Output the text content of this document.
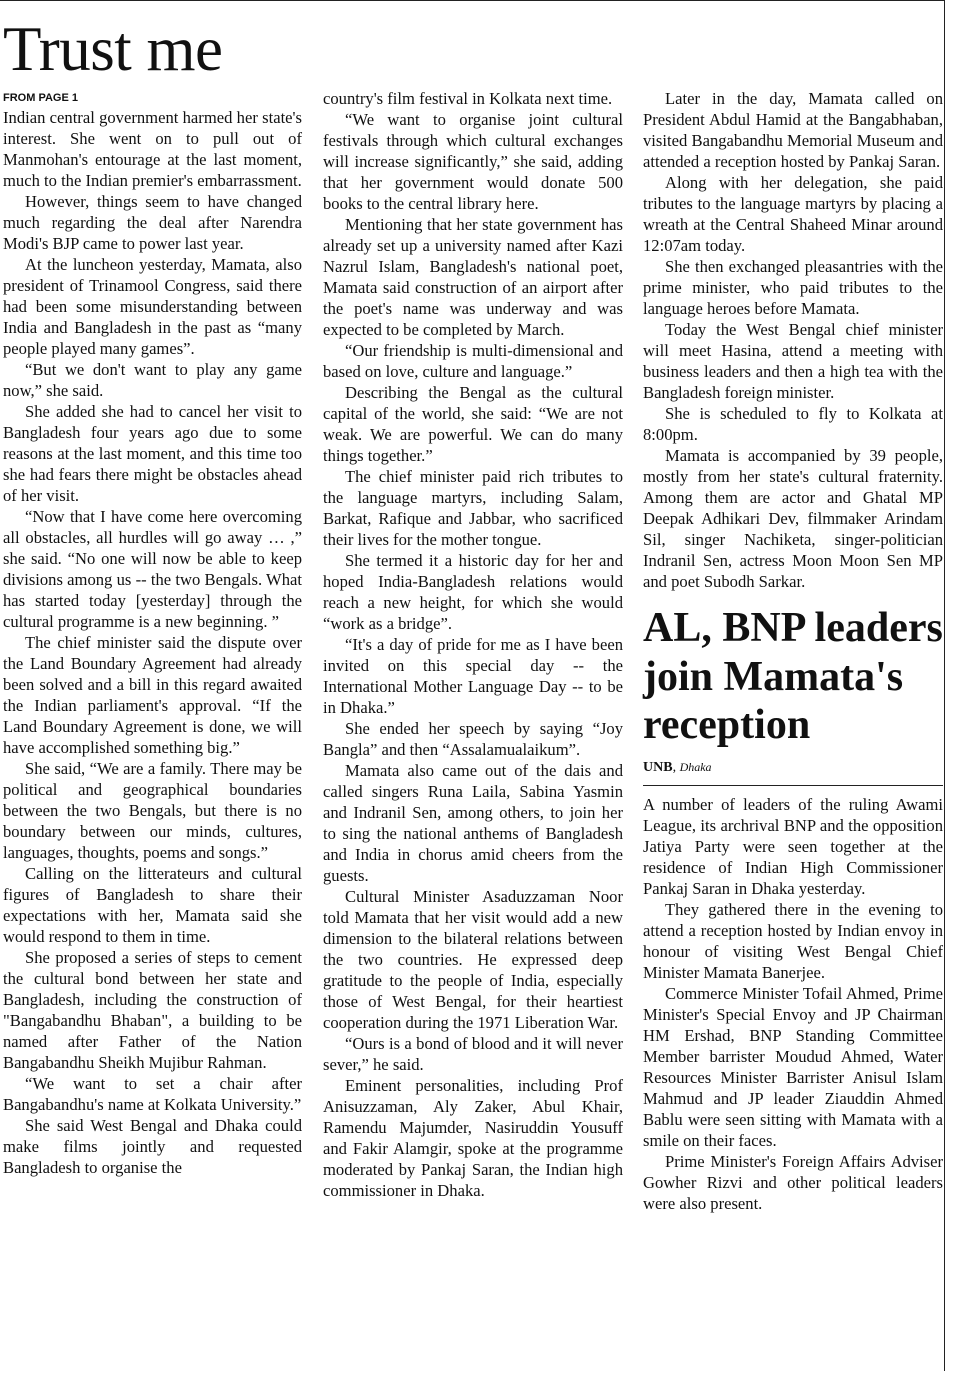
Trust me
FROM PAGE 1

Indian central government harmed her state's interest. She went on to pull out of Manmohan's entourage at the last moment, much to the Indian premier's embarrassment.

However, things seem to have changed much regarding the deal after Narendra Modi's BJP came to power last year.

At the luncheon yesterday, Mamata, also president of Trinamool Congress, said there had been some misunderstanding between India and Bangladesh in the past as “many people played many games”.

“But we don't want to play any game now,” she said.

She added she had to cancel her visit to Bangladesh four years ago due to some reasons at the last moment, and this time too she had fears there might be obstacles ahead of her visit.

“Now that I have come here overcoming all obstacles, all hurdles will go away … ,” she said. “No one will now be able to keep divisions among us -- the two Bengals. What has started today [yesterday] through the cultural programme is a new beginning. ”

The chief minister said the dispute over the Land Boundary Agreement had already been solved and a bill in this regard awaited the Indian parliament's approval. “If the Land Boundary Agreement is done, we will have accomplished something big.”

She said, “We are a family. There may be political and geographical boundaries between the two Bengals, but there is no boundary between our minds, cultures, languages, thoughts, poems and songs.”

Calling on the litterateurs and cultural figures of Bangladesh to share their expectations with her, Mamata said she would respond to them in time.

She proposed a series of steps to cement the cultural bond between her state and Bangladesh, including the construction of "Bangabandhu Bhaban", a building to be named after Father of the Nation Bangabandhu Sheikh Mujibur Rahman.

“We want to set a chair after Bangabandhu's name at Kolkata University.”

She said West Bengal and Dhaka could make films jointly and requested Bangladesh to organise the

country's film festival in Kolkata next time.

“We want to organise joint cultural festivals through which cultural exchanges will increase significantly,” she said, adding that her government would donate 500 books to the central library here.

Mentioning that her state government has already set up a university named after Kazi Nazrul Islam, Bangladesh's national poet, Mamata said construction of an airport after the poet's name was underway and was expected to be completed by March.

“Our friendship is multi-dimensional and based on love, culture and language.”

Describing the Bengal as the cultural capital of the world, she said: “We are not weak. We are powerful. We can do many things together.”

The chief minister paid rich tributes to the language martyrs, including Salam, Barkat, Rafique and Jabbar, who sacrificed their lives for the mother tongue.

She termed it a historic day for her and hoped India-Bangladesh relations would reach a new height, for which she would “work as a bridge”.

“It's a day of pride for me as I have been invited on this special day -- the International Mother Language Day -- to be in Dhaka.”

She ended her speech by saying “Joy Bangla” and then “Assalamualaikum”.

Mamata also came out of the dais and called singers Runa Laila, Sabina Yasmin and Indranil Sen, among others, to join her to sing the national anthems of Bangladesh and India in chorus amid cheers from the guests.

Cultural Minister Asaduzzaman Noor told Mamata that her visit would add a new dimension to the bilateral relations between the two countries. He expressed deep gratitude to the people of India, especially those of West Bengal, for their heartiest cooperation during the 1971 Liberation War.

“Ours is a bond of blood and it will never sever,” he said.

Eminent personalities, including Prof Anisuzzaman, Aly Zaker, Abul Khair, Ramendu Majumder, Nasiruddin Yousuff and Fakir Alamgir, spoke at the programme moderated by Pankaj Saran, the Indian high commissioner in Dhaka.

Later in the day, Mamata called on President Abdul Hamid at the Bangabhaban, visited Bangabandhu Memorial Museum and attended a reception hosted by Pankaj Saran.

Along with her delegation, she paid tributes to the language martyrs by placing a wreath at the Central Shaheed Minar around 12:07am today.

She then exchanged pleasantries with the prime minister, who paid tributes to the language heroes before Mamata.

Today the West Bengal chief minister will meet Hasina, attend a meeting with business leaders and then a high tea with the Bangladesh foreign minister.

She is scheduled to fly to Kolkata at 8:00pm.

Mamata is accompanied by 39 people, mostly from her state's cultural fraternity. Among them are actor and Ghatal MP Deepak Adhikari Dev, filmmaker Arindam Sil, singer Nachiketa, singer-politician Indranil Sen, actress Moon Moon Sen MP and poet Subodh Sarkar.

AL, BNP leaders join Mamata's reception
UNB, Dhaka

A number of leaders of the ruling Awami League, its archrival BNP and the opposition Jatiya Party were seen together at the residence of Indian High Commissioner Pankaj Saran in Dhaka yesterday.

They gathered there in the evening to attend a reception hosted by Indian envoy in honour of visiting West Bengal Chief Minister Mamata Banerjee.

Commerce Minister Tofail Ahmed, Prime Minister's Special Envoy and JP Chairman HM Ershad, BNP Standing Committee Member barrister Moudud Ahmed, Water Resources Minister Barrister Anisul Islam Mahmud and JP leader Ziauddin Ahmed Bablu were seen sitting with Mamata with a smile on their faces.

Prime Minister's Foreign Affairs Adviser Gowher Rizvi and other political leaders were also present.
